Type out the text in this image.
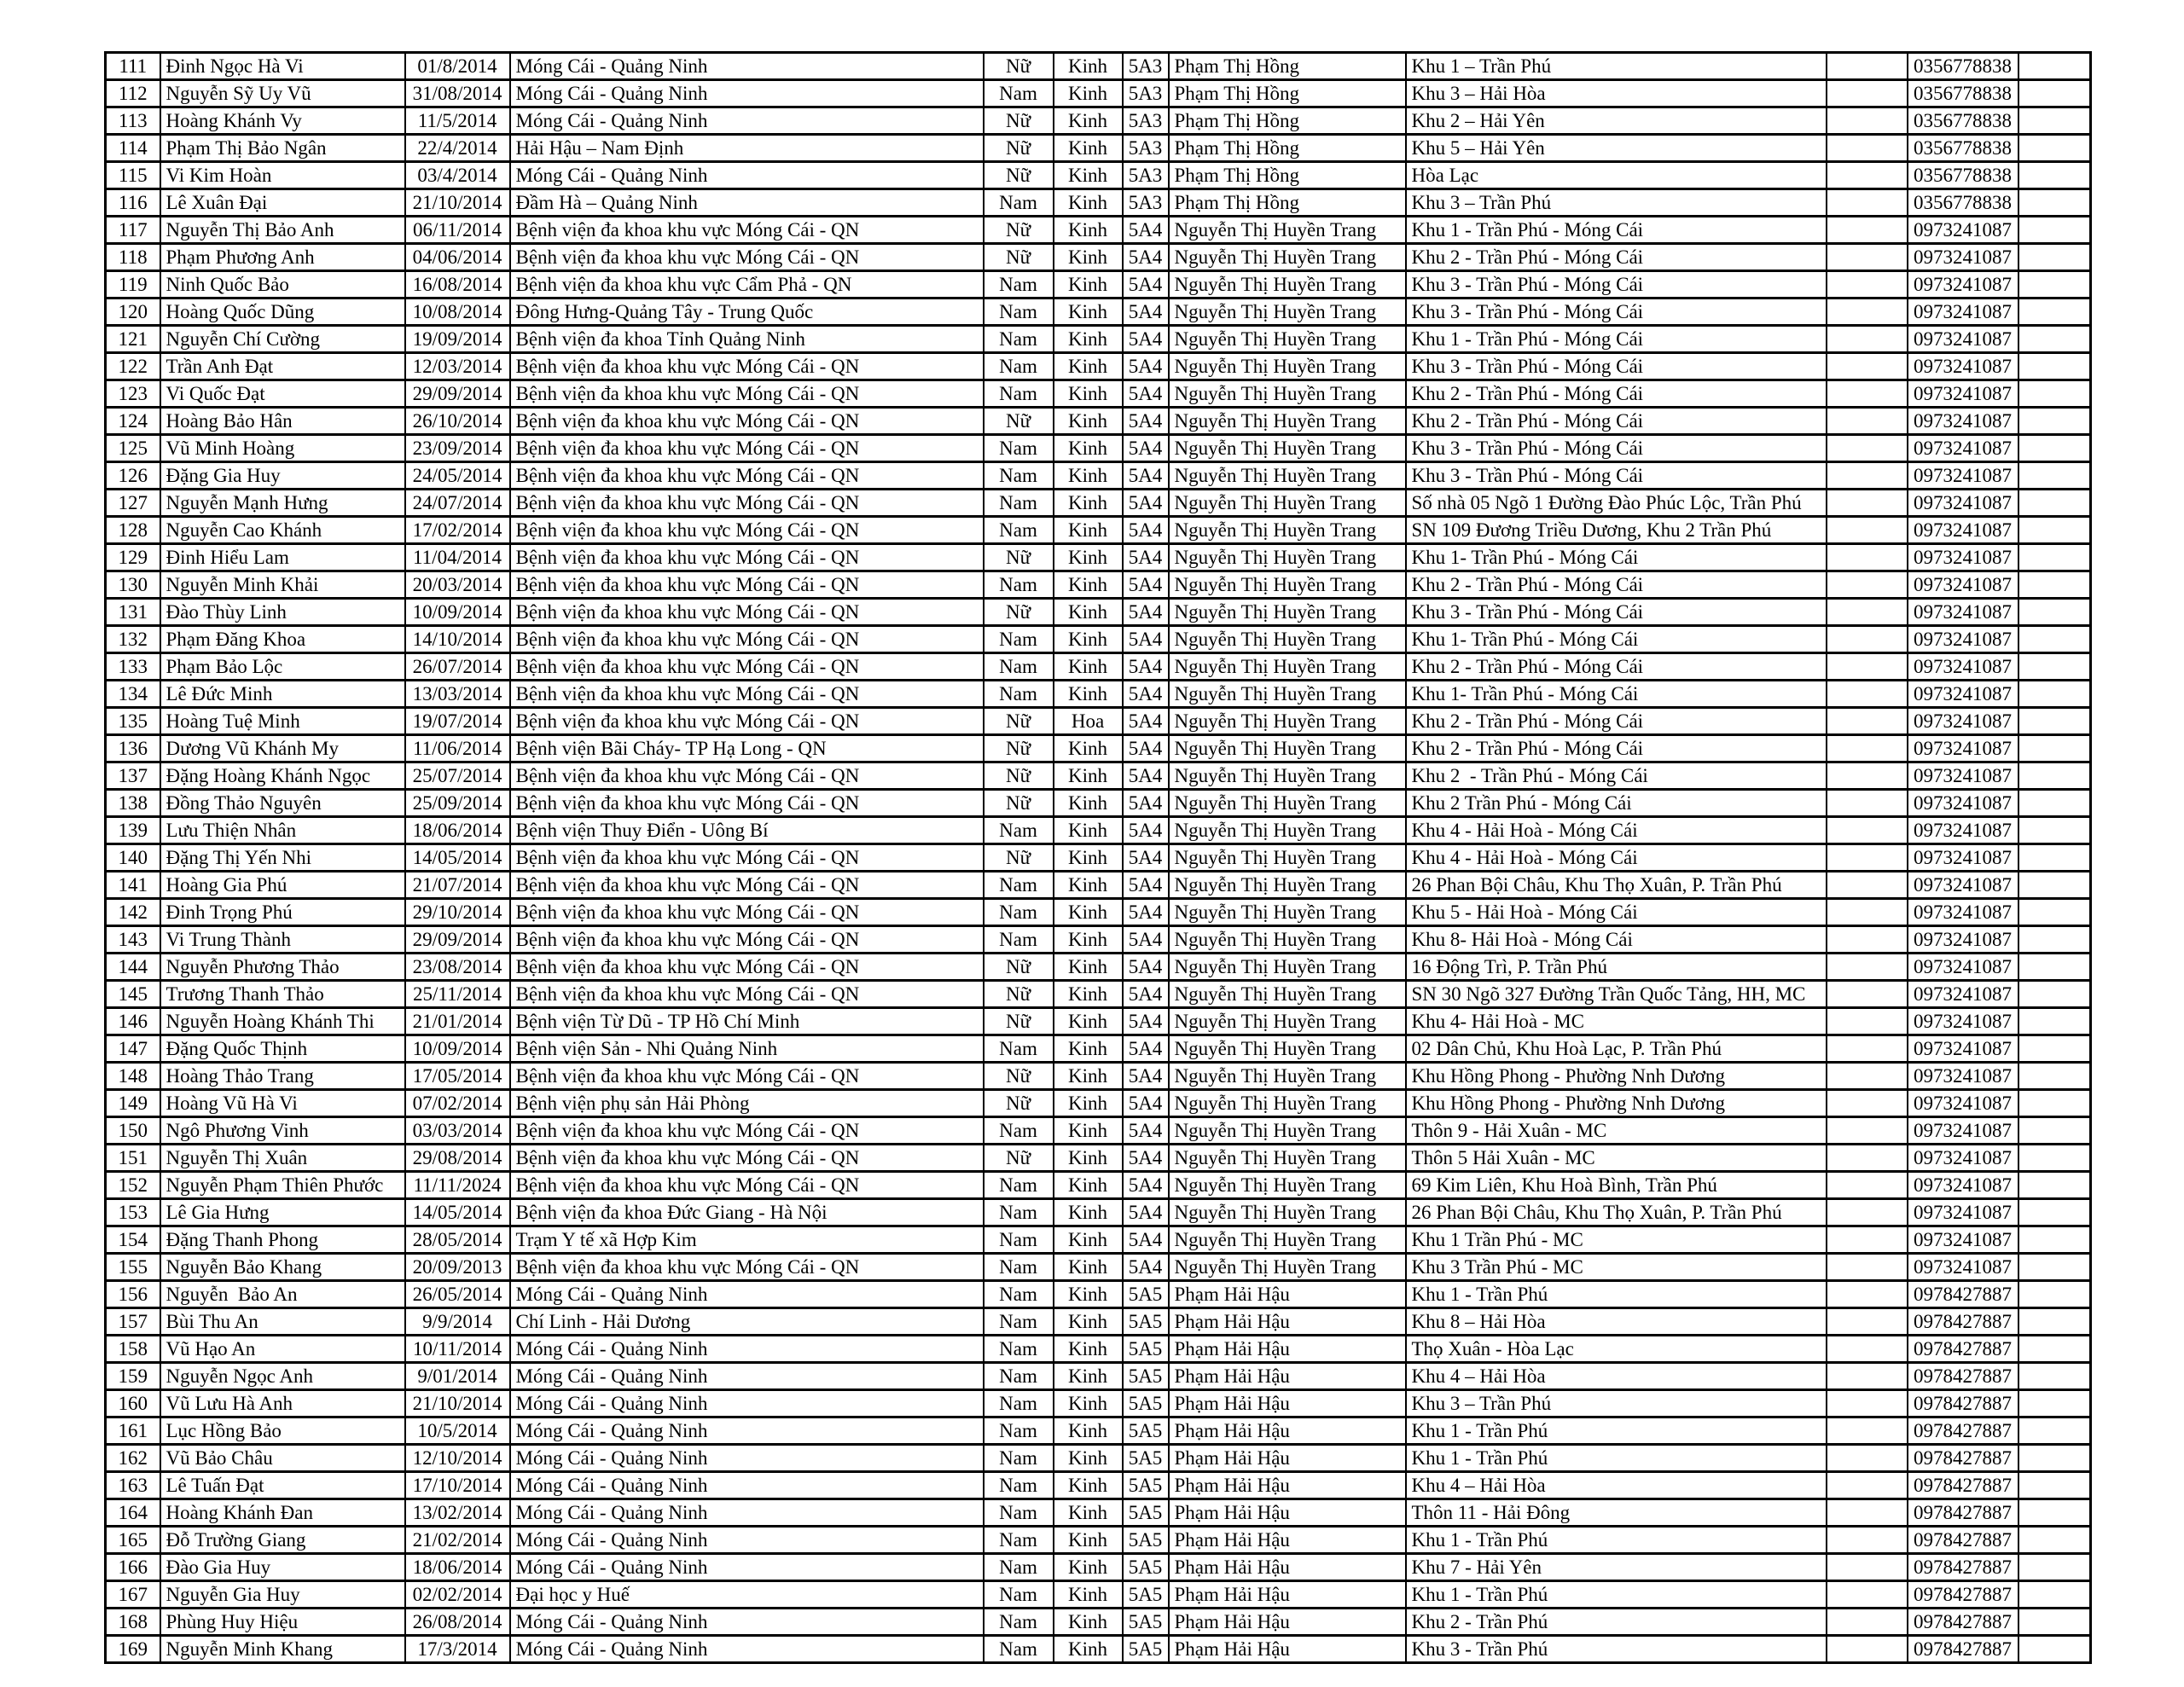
111	Đinh Ngọc Hà Vi	01/8/2014	Móng Cái - Quảng Ninh	Nữ	Kinh	5A3	Phạm Thị Hồng	Khu 1 – Trần Phú		0356778838	
112	Nguyễn Sỹ Uy Vũ	31/08/2014	Móng Cái - Quảng Ninh	Nam	Kinh	5A3	Phạm Thị Hồng	Khu 3 – Hải Hòa		0356778838	
113	Hoàng Khánh Vy	11/5/2014	Móng Cái - Quảng Ninh	Nữ	Kinh	5A3	Phạm Thị Hồng	Khu 2 – Hải Yên		0356778838	
114	Phạm Thị Bảo Ngân	22/4/2014	Hải Hậu – Nam Định	Nữ	Kinh	5A3	Phạm Thị Hồng	Khu 5 – Hải Yên		0356778838	
115	Vi Kim Hoàn	03/4/2014	Móng Cái - Quảng Ninh	Nữ	Kinh	5A3	Phạm Thị Hồng	Hòa Lạc		0356778838	
116	Lê Xuân Đại	21/10/2014	Đầm Hà – Quảng Ninh	Nam	Kinh	5A3	Phạm Thị Hồng	Khu 3 – Trần Phú		0356778838	
117	Nguyễn Thị Bảo Anh	06/11/2014	Bệnh viện đa khoa khu vực Móng Cái - QN	Nữ	Kinh	5A4	Nguyễn Thị Huyền Trang	Khu 1 - Trần Phú - Móng Cái		0973241087	
118	Phạm Phương Anh	04/06/2014	Bệnh viện đa khoa khu vực Móng Cái - QN	Nữ	Kinh	5A4	Nguyễn Thị Huyền Trang	Khu 2 - Trần Phú - Móng Cái		0973241087	
119	Ninh Quốc Bảo	16/08/2014	Bệnh viện đa khoa khu vực Cẩm Phả - QN	Nam	Kinh	5A4	Nguyễn Thị Huyền Trang	Khu 3 - Trần Phú - Móng Cái		0973241087	
120	Hoàng Quốc Dũng	10/08/2014	Đông Hưng-Quảng Tây - Trung Quốc	Nam	Kinh	5A4	Nguyễn Thị Huyền Trang	Khu 3 - Trần Phú - Móng Cái		0973241087	
121	Nguyễn Chí Cường	19/09/2014	Bệnh viện đa khoa Tỉnh Quảng Ninh	Nam	Kinh	5A4	Nguyễn Thị Huyền Trang	Khu 1 - Trần Phú - Móng Cái		0973241087	
122	Trần Anh Đạt	12/03/2014	Bệnh viện đa khoa khu vực Móng Cái - QN	Nam	Kinh	5A4	Nguyễn Thị Huyền Trang	Khu 3 - Trần Phú - Móng Cái		0973241087	
123	Vi Quốc Đạt	29/09/2014	Bệnh viện đa khoa khu vực Móng Cái - QN	Nam	Kinh	5A4	Nguyễn Thị Huyền Trang	Khu 2 - Trần Phú - Móng Cái		0973241087	
124	Hoàng Bảo Hân	26/10/2014	Bệnh viện đa khoa khu vực Móng Cái - QN	Nữ	Kinh	5A4	Nguyễn Thị Huyền Trang	Khu 2 - Trần Phú - Móng Cái		0973241087	
125	Vũ Minh Hoàng	23/09/2014	Bệnh viện đa khoa khu vực Móng Cái - QN	Nam	Kinh	5A4	Nguyễn Thị Huyền Trang	Khu 3 - Trần Phú - Móng Cái		0973241087	
126	Đặng Gia Huy	24/05/2014	Bệnh viện đa khoa khu vực Móng Cái - QN	Nam	Kinh	5A4	Nguyễn Thị Huyền Trang	Khu 3 - Trần Phú - Móng Cái		0973241087	
127	Nguyễn Mạnh Hưng	24/07/2014	Bệnh viện đa khoa khu vực Móng Cái - QN	Nam	Kinh	5A4	Nguyễn Thị Huyền Trang	Số nhà 05 Ngõ 1 Đường Đào Phúc Lộc, Trần Phú		0973241087	
128	Nguyễn Cao Khánh	17/02/2014	Bệnh viện đa khoa khu vực Móng Cái - QN	Nam	Kinh	5A4	Nguyễn Thị Huyền Trang	SN 109 Đương Triều Dương, Khu 2 Trần Phú		0973241087	
129	Đinh Hiểu Lam	11/04/2014	Bệnh viện đa khoa khu vực Móng Cái - QN	Nữ	Kinh	5A4	Nguyễn Thị Huyền Trang	Khu 1- Trần Phú - Móng Cái		0973241087	
130	Nguyễn Minh Khải	20/03/2014	Bệnh viện đa khoa khu vực Móng Cái - QN	Nam	Kinh	5A4	Nguyễn Thị Huyền Trang	Khu 2 - Trần Phú - Móng Cái		0973241087	
131	Đào Thùy Linh	10/09/2014	Bệnh viện đa khoa khu vực Móng Cái - QN	Nữ	Kinh	5A4	Nguyễn Thị Huyền Trang	Khu 3 - Trần Phú - Móng Cái		0973241087	
132	Phạm Đăng Khoa	14/10/2014	Bệnh viện đa khoa khu vực Móng Cái - QN	Nam	Kinh	5A4	Nguyễn Thị Huyền Trang	Khu 1- Trần Phú - Móng Cái		0973241087	
133	Phạm Bảo Lộc	26/07/2014	Bệnh viện đa khoa khu vực Móng Cái - QN	Nam	Kinh	5A4	Nguyễn Thị Huyền Trang	Khu 2 - Trần Phú - Móng Cái		0973241087	
134	Lê Đức Minh	13/03/2014	Bệnh viện đa khoa khu vực Móng Cái - QN	Nam	Kinh	5A4	Nguyễn Thị Huyền Trang	Khu 1- Trần Phú - Móng Cái		0973241087	
135	Hoàng Tuệ Minh	19/07/2014	Bệnh viện đa khoa khu vực Móng Cái - QN	Nữ	Hoa	5A4	Nguyễn Thị Huyền Trang	Khu 2 - Trần Phú - Móng Cái		0973241087	
136	Dương Vũ Khánh My	11/06/2014	Bệnh viện Bãi Cháy- TP Hạ Long - QN	Nữ	Kinh	5A4	Nguyễn Thị Huyền Trang	Khu 2 - Trần Phú - Móng Cái		0973241087	
137	Đặng Hoàng Khánh Ngọc	25/07/2014	Bệnh viện đa khoa khu vực Móng Cái - QN	Nữ	Kinh	5A4	Nguyễn Thị Huyền Trang	Khu 2  - Trần Phú - Móng Cái		0973241087	
138	Đồng Thảo Nguyên	25/09/2014	Bệnh viện đa khoa khu vực Móng Cái - QN	Nữ	Kinh	5A4	Nguyễn Thị Huyền Trang	Khu 2 Trần Phú - Móng Cái		0973241087	
139	Lưu Thiện Nhân	18/06/2014	Bệnh viện Thuy Điển - Uông Bí	Nam	Kinh	5A4	Nguyễn Thị Huyền Trang	Khu 4 - Hải Hoà - Móng Cái		0973241087	
140	Đặng Thị Yến Nhi	14/05/2014	Bệnh viện đa khoa khu vực Móng Cái - QN	Nữ	Kinh	5A4	Nguyễn Thị Huyền Trang	Khu 4 - Hải Hoà - Móng Cái		0973241087	
141	Hoàng Gia Phú	21/07/2014	Bệnh viện đa khoa khu vực Móng Cái - QN	Nam	Kinh	5A4	Nguyễn Thị Huyền Trang	26 Phan Bội Châu, Khu Thọ Xuân, P. Trần Phú		0973241087	
142	Đinh Trọng Phú	29/10/2014	Bệnh viện đa khoa khu vực Móng Cái - QN	Nam	Kinh	5A4	Nguyễn Thị Huyền Trang	Khu 5 - Hải Hoà - Móng Cái		0973241087	
143	Vi Trung Thành	29/09/2014	Bệnh viện đa khoa khu vực Móng Cái - QN	Nam	Kinh	5A4	Nguyễn Thị Huyền Trang	Khu 8- Hải Hoà - Móng Cái		0973241087	
144	Nguyễn Phương Thảo	23/08/2014	Bệnh viện đa khoa khu vực Móng Cái - QN	Nữ	Kinh	5A4	Nguyễn Thị Huyền Trang	16 Động Trì, P. Trần Phú		0973241087	
145	Trương Thanh Thảo	25/11/2014	Bệnh viện đa khoa khu vực Móng Cái - QN	Nữ	Kinh	5A4	Nguyễn Thị Huyền Trang	SN 30 Ngõ 327 Đường Trần Quốc Tảng, HH, MC		0973241087	
146	Nguyễn Hoàng Khánh Thi	21/01/2014	Bệnh viện Từ Dũ - TP Hồ Chí Minh	Nữ	Kinh	5A4	Nguyễn Thị Huyền Trang	Khu 4- Hải Hoà - MC		0973241087	
147	Đặng Quốc Thịnh	10/09/2014	Bệnh viện Sản - Nhi Quảng Ninh	Nam	Kinh	5A4	Nguyễn Thị Huyền Trang	02 Dân Chủ, Khu Hoà Lạc, P. Trần Phú		0973241087	
148	Hoàng Thảo Trang	17/05/2014	Bệnh viện đa khoa khu vực Móng Cái - QN	Nữ	Kinh	5A4	Nguyễn Thị Huyền Trang	Khu Hồng Phong - Phường Nnh Dương		0973241087	
149	Hoàng Vũ Hà Vi	07/02/2014	Bệnh viện phụ sản Hải Phòng	Nữ	Kinh	5A4	Nguyễn Thị Huyền Trang	Khu Hồng Phong - Phường Nnh Dương		0973241087	
150	Ngô Phương Vinh	03/03/2014	Bệnh viện đa khoa khu vực Móng Cái - QN	Nam	Kinh	5A4	Nguyễn Thị Huyền Trang	Thôn 9 - Hải Xuân - MC		0973241087	
151	Nguyễn Thị Xuân	29/08/2014	Bệnh viện đa khoa khu vực Móng Cái - QN	Nữ	Kinh	5A4	Nguyễn Thị Huyền Trang	Thôn 5 Hải Xuân - MC		0973241087	
152	Nguyễn Phạm Thiên Phước	11/11/2024	Bệnh viện đa khoa khu vực Móng Cái - QN	Nam	Kinh	5A4	Nguyễn Thị Huyền Trang	69 Kim Liên, Khu Hoà Bình, Trần Phú		0973241087	
153	Lê Gia Hưng	14/05/2014	Bệnh viện đa khoa Đức Giang - Hà Nội	Nam	Kinh	5A4	Nguyễn Thị Huyền Trang	26 Phan Bội Châu, Khu Thọ Xuân, P. Trần Phú		0973241087	
154	Đặng Thanh Phong	28/05/2014	Trạm Y tế xã Hợp Kim	Nam	Kinh	5A4	Nguyễn Thị Huyền Trang	Khu 1 Trần Phú - MC		0973241087	
155	Nguyễn Bảo Khang	20/09/2013	Bệnh viện đa khoa khu vực Móng Cái - QN	Nam	Kinh	5A4	Nguyễn Thị Huyền Trang	Khu 3 Trần Phú - MC		0973241087	
156	Nguyễn  Bảo An	26/05/2014	Móng Cái - Quảng Ninh	Nam	Kinh	5A5	Phạm Hải Hậu	Khu 1 - Trần Phú		0978427887	
157	Bùi Thu An	9/9/2014	Chí Linh - Hải Dương	Nam	Kinh	5A5	Phạm Hải Hậu	Khu 8 – Hải Hòa		0978427887	
158	Vũ Hạo An	10/11/2014	Móng Cái - Quảng Ninh	Nam	Kinh	5A5	Phạm Hải Hậu	Thọ Xuân - Hòa Lạc		0978427887	
159	Nguyễn Ngọc Anh	9/01/2014	Móng Cái - Quảng Ninh	Nam	Kinh	5A5	Phạm Hải Hậu	Khu 4 – Hải Hòa		0978427887	
160	Vũ Lưu Hà Anh	21/10/2014	Móng Cái - Quảng Ninh	Nam	Kinh	5A5	Phạm Hải Hậu	Khu 3 – Trần Phú		0978427887	
161	Lục Hồng Bảo	10/5/2014	Móng Cái - Quảng Ninh	Nam	Kinh	5A5	Phạm Hải Hậu	Khu 1 - Trần Phú		0978427887	
162	Vũ Bảo Châu	12/10/2014	Móng Cái - Quảng Ninh	Nam	Kinh	5A5	Phạm Hải Hậu	Khu 1 - Trần Phú		0978427887	
163	Lê Tuấn Đạt	17/10/2014	Móng Cái - Quảng Ninh	Nam	Kinh	5A5	Phạm Hải Hậu	Khu 4 – Hải Hòa		0978427887	
164	Hoàng Khánh Đan	13/02/2014	Móng Cái - Quảng Ninh	Nam	Kinh	5A5	Phạm Hải Hậu	Thôn 11 - Hải Đông		0978427887	
165	Đỗ Trường Giang	21/02/2014	Móng Cái - Quảng Ninh	Nam	Kinh	5A5	Phạm Hải Hậu	Khu 1 - Trần Phú		0978427887	
166	Đào Gia Huy	18/06/2014	Móng Cái - Quảng Ninh	Nam	Kinh	5A5	Phạm Hải Hậu	Khu 7 - Hải Yên		0978427887	
167	Nguyễn Gia Huy	02/02/2014	Đại học y Huế	Nam	Kinh	5A5	Phạm Hải Hậu	Khu 1 - Trần Phú		0978427887	
168	Phùng Huy Hiệu	26/08/2014	Móng Cái - Quảng Ninh	Nam	Kinh	5A5	Phạm Hải Hậu	Khu 2 - Trần Phú		0978427887	
169	Nguyễn Minh Khang	17/3/2014	Móng Cái - Quảng Ninh	Nam	Kinh	5A5	Phạm Hải Hậu	Khu 3 - Trần Phú		0978427887	
